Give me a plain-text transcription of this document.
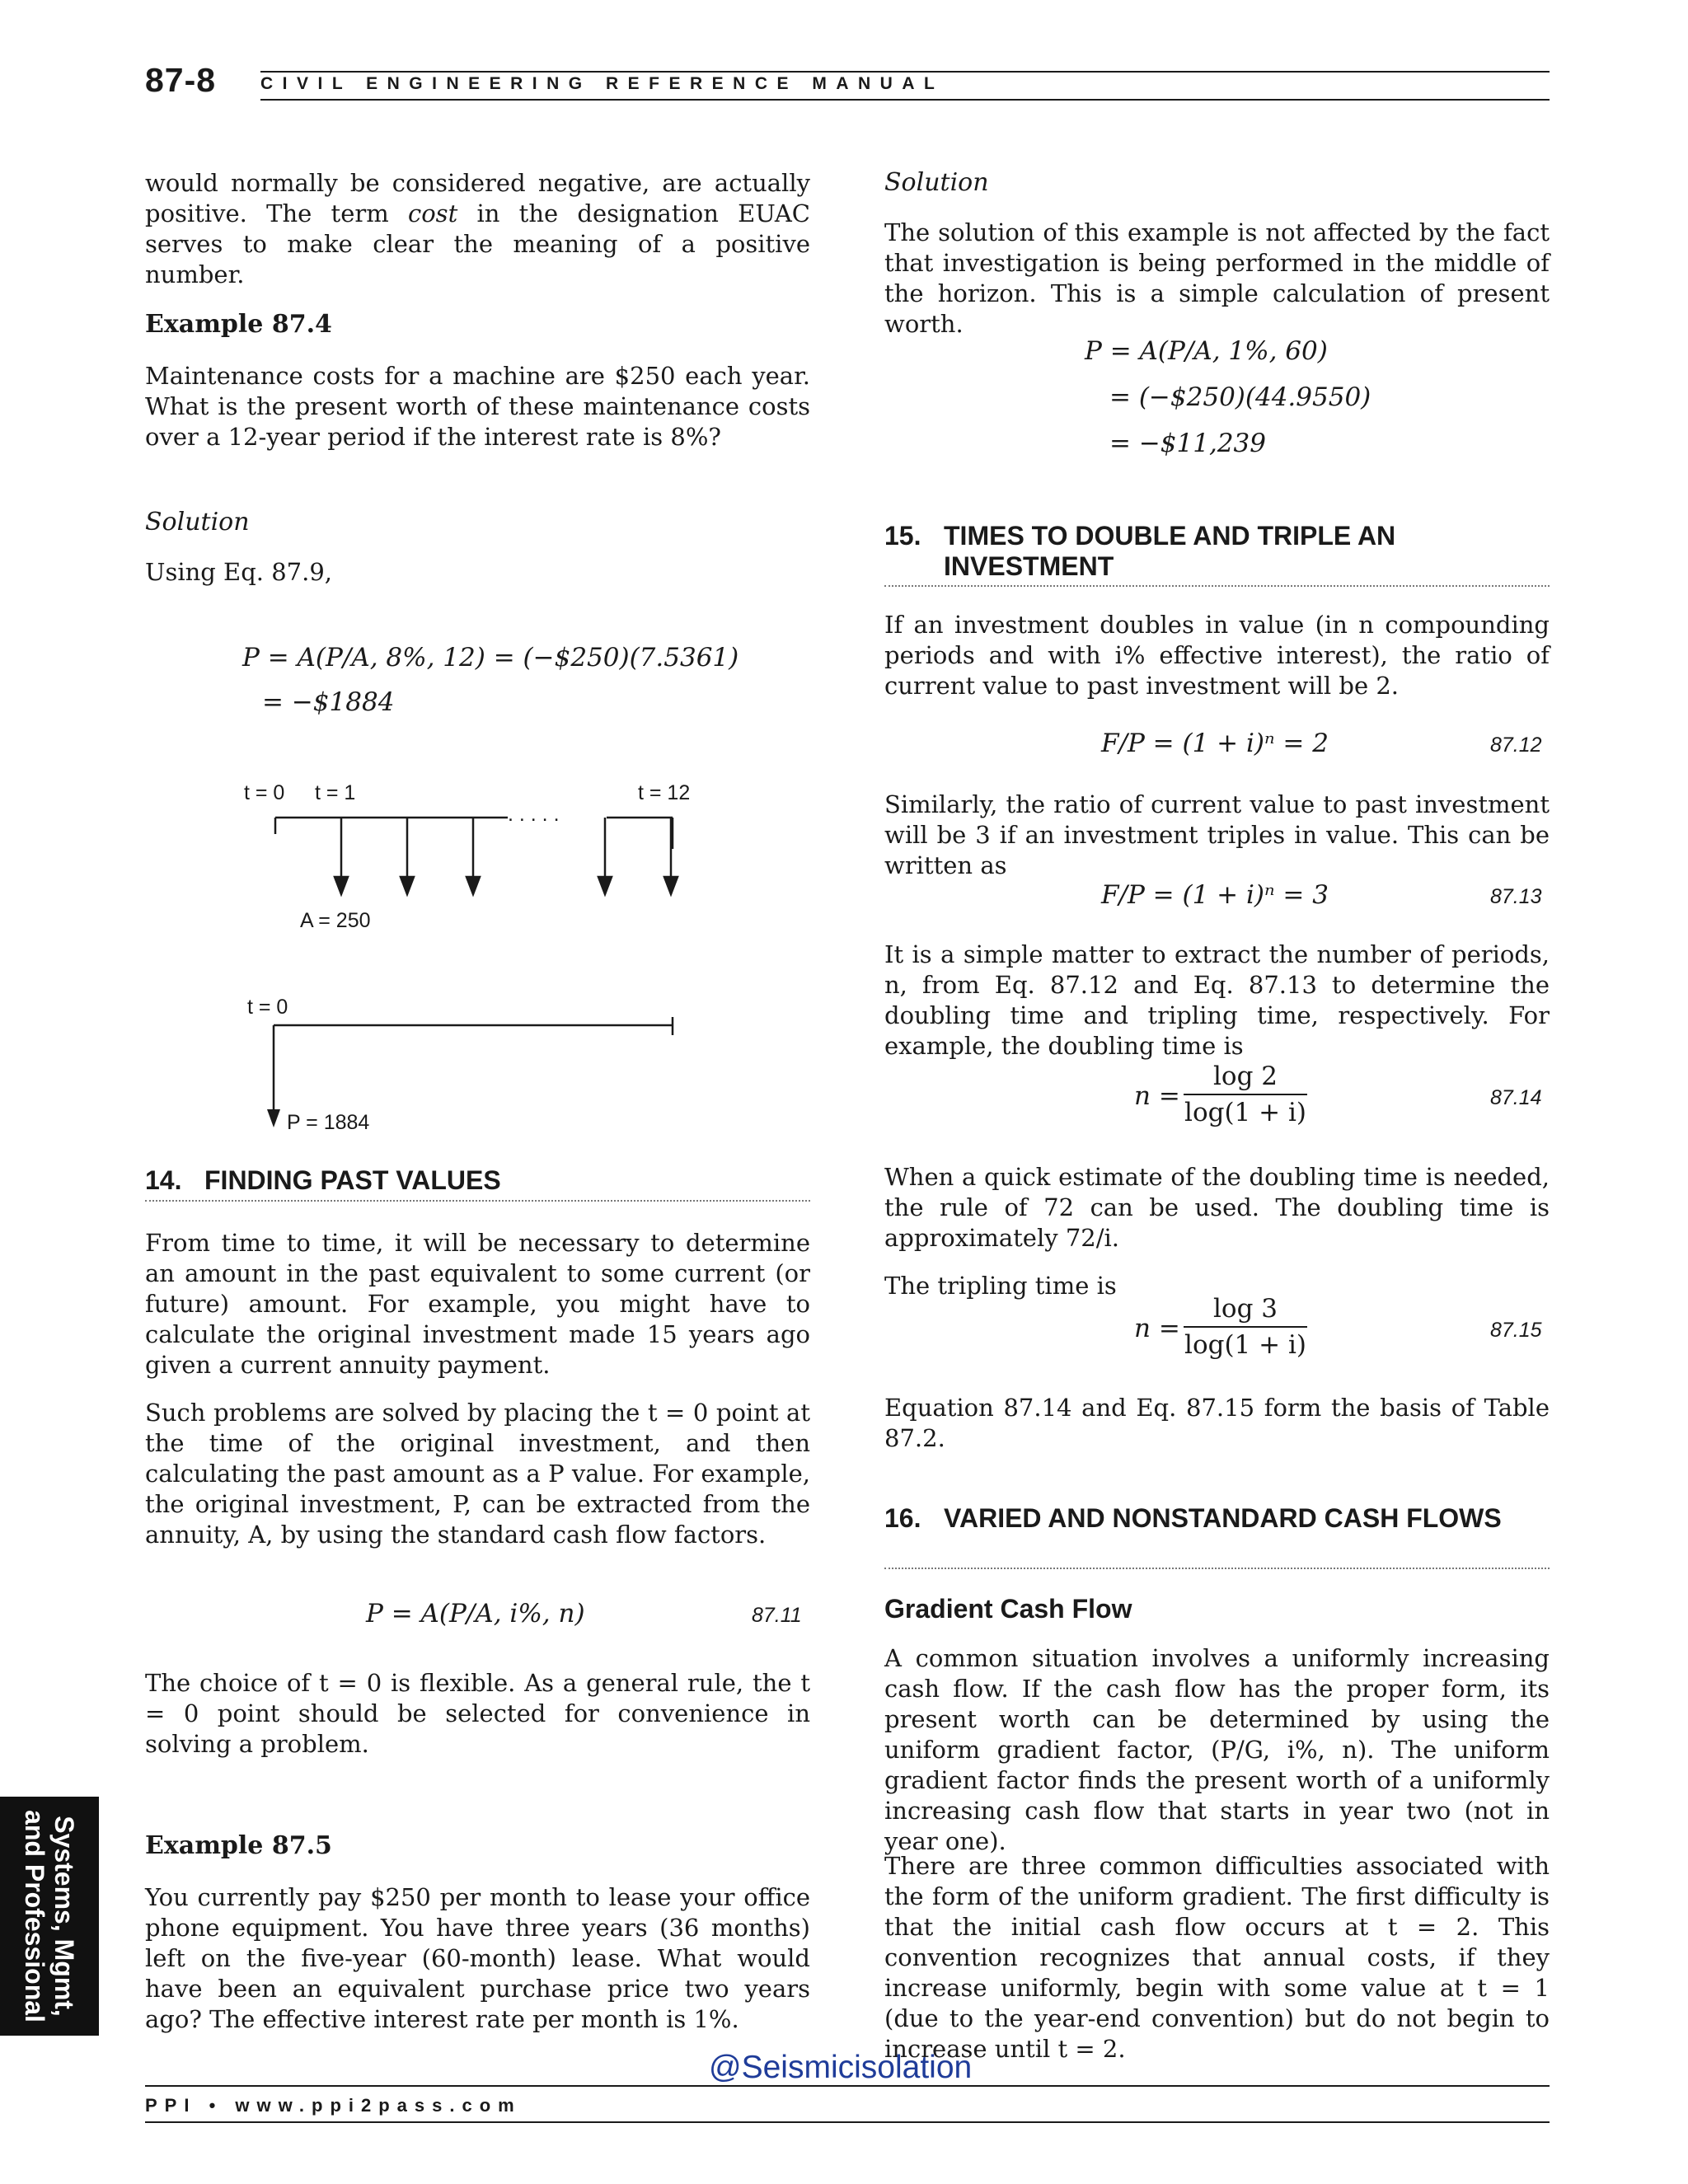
87-8	CIVIL ENGINEERING REFERENCE MANUAL

would normally be considered negative, are actually positive. The term cost in the designation EUAC serves to make clear the meaning of a positive number.

Example 87.4

Maintenance costs for a machine are $250 each year. What is the present worth of these maintenance costs over a 12-year period if the interest rate is 8%?

Solution

Using Eq. 87.9,

P = A(P/A, 8%, 12) = (−$250)(7.5361)
= −$1884
. . . . .
t = 0 t = 1	t = 12
A = 250
t = 0
P = 1884
14. FINDING PAST VALUES

From time to time, it will be necessary to determine an amount in the past equivalent to some current (or future) amount. For example, you might have to calculate the original investment made 15 years ago given a current annuity payment.

Such problems are solved by placing the t = 0 point at the time of the original investment, and then calculating the past amount as a P value. For example, the original investment, P, can be extracted from the annuity, A, by using the standard cash flow factors.

P = A(P/A, i%, n)	87.11

The choice of t = 0 is flexible. As a general rule, the t = 0 point should be selected for convenience in solving a problem.

Example 87.5

You currently pay $250 per month to lease your office phone equipment. You have three years (36 months) left on the five-year (60-month) lease. What would have been an equivalent purchase price two years ago? The effective interest rate per month is 1%.

Solution

The solution of this example is not affected by the fact that investigation is being performed in the middle of the horizon. This is a simple calculation of present worth.

P = A(P/A, 1%, 60)
= (−$250)(44.9550)
= −$11,239
15. TIMES TO DOUBLE AND TRIPLE AN INVESTMENT

If an investment doubles in value (in n compounding periods and with i% effective interest), the ratio of current value to past investment will be 2.

F/P = (1 + i)ⁿ = 2	87.12

Similarly, the ratio of current value to past investment will be 3 if an investment triples in value. This can be written as

F/P = (1 + i)ⁿ = 3	87.13

It is a simple matter to extract the number of periods, n, from Eq. 87.12 and Eq. 87.13 to determine the doubling time and tripling time, respectively. For example, the doubling time is

n =
log 2
log(1 + i)	87.14

When a quick estimate of the doubling time is needed, the rule of 72 can be used. The doubling time is approximately 72/i.

The tripling time is

n =
log 3
log(1 + i)	87.15

Equation 87.14 and Eq. 87.15 form the basis of Table 87.2.

16. VARIED AND NONSTANDARD CASH FLOWS
Gradient Cash Flow

A common situation involves a uniformly increasing cash flow. If the cash flow has the proper form, its present worth can be determined by using the uniform gradient factor, (P/G, i%, n). The uniform gradient factor finds the present worth of a uniformly increasing cash flow that starts in year two (not in year one).

There are three common difficulties associated with the form of the uniform gradient. The first difficulty is that the initial cash flow occurs at t = 2. This convention recognizes that annual costs, if they increase uniformly, begin with some value at t = 1 (due to the year-end convention) but do not begin to increase until t = 2.

Systems, Mgmt,
and Professional
@Seismicisolation
PPI • www.ppi2pass.com
